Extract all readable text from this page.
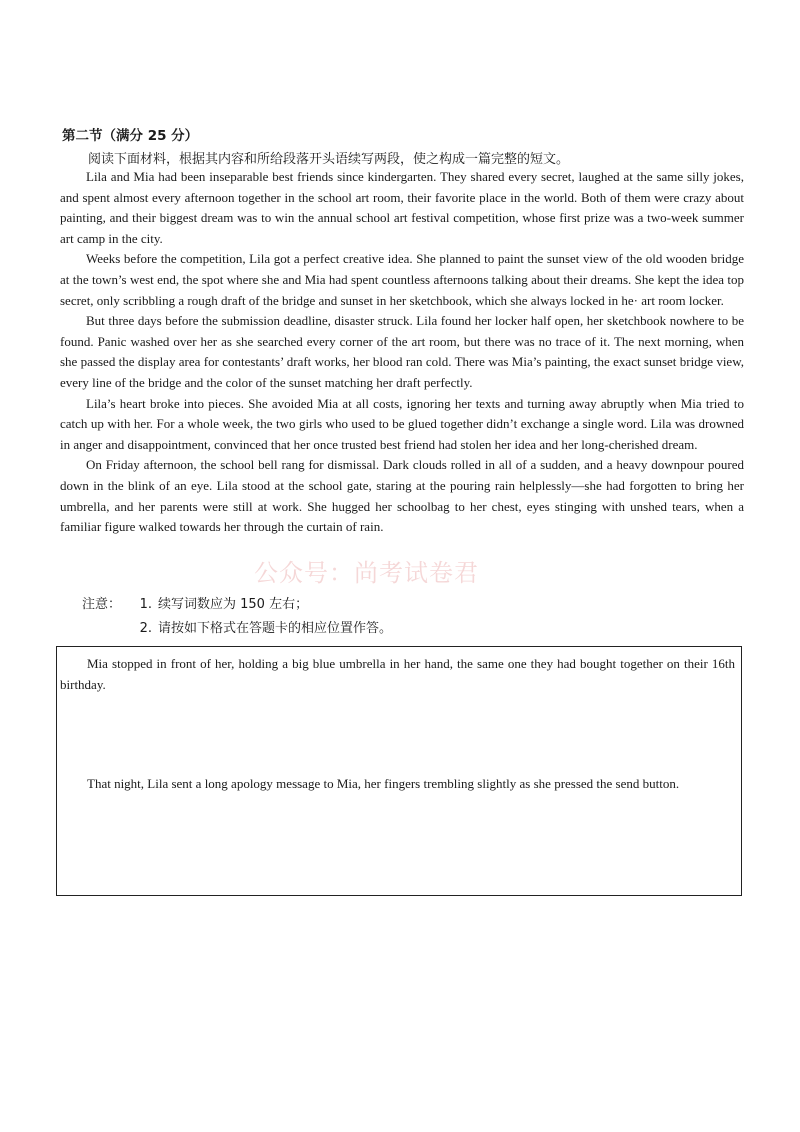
第二节（满分 25 分）
阅读下面材料，根据其内容和所给段落开头语续写两段，使之构成一篇完整的短文。

Lila and Mia had been inseparable best friends since kindergarten. They shared every secret, laughed at the same silly jokes, and spent almost every afternoon together in the school art room, their favorite place in the world. Both of them were crazy about painting, and their biggest dream was to win the annual school art festival competition, whose first prize was a two-week summer art camp in the city.

Weeks before the competition, Lila got a perfect creative idea. She planned to paint the sunset view of the old wooden bridge at the town’s west end, the spot where she and Mia had spent countless afternoons talking about their dreams. She kept the idea top secret, only scribbling a rough draft of the bridge and sunset in her sketchbook, which she always locked in he· art room locker.

But three days before the submission deadline, disaster struck. Lila found her locker half open, her sketchbook nowhere to be found. Panic washed over her as she searched every corner of the art room, but there was no trace of it. The next morning, when she passed the display area for contestants’ draft works, her blood ran cold. There was Mia’s painting, the exact sunset bridge view, every line of the bridge and the color of the sunset matching her draft perfectly.

Lila’s heart broke into pieces. She avoided Mia at all costs, ignoring her texts and turning away abruptly when Mia tried to catch up with her. For a whole week, the two girls who used to be glued together didn’t exchange a single word. Lila was drowned in anger and disappointment, convinced that her once trusted best friend had stolen her idea and her long-cherished dream.

On Friday afternoon, the school bell rang for dismissal. Dark clouds rolled in all of a sudden, and a heavy downpour poured down in the blink of an eye. Lila stood at the school gate, staring at the pouring rain helplessly—she had forgotten to bring her umbrella, and her parents were still at work. She hugged her schoolbag to her chest, eyes stinging with unshed tears, when a familiar figure walked towards her through the curtain of rain.

公众号：尚考试卷君
注意：	1. 续写词数应为 150 左右；
2. 请按如下格式在答题卡的相应位置作答。
Mia stopped in front of her, holding a big blue umbrella in her hand, the same one they had bought together on their 16th birthday.
That night, Lila sent a long apology message to Mia, her fingers trembling slightly as she pressed the send button.
